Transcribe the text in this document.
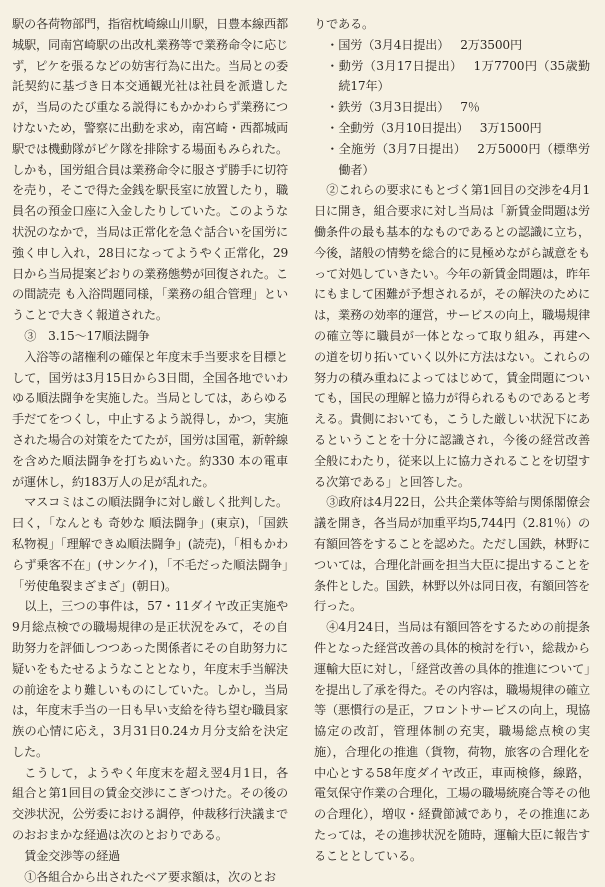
駅の各荷物部門，指宿枕崎線山川駅，日豊本線西都城駅，同南宮崎駅の出改札業務等で業務命令に応じず，ピケを張るなどの妨害行為に出た。当局との委託契約に基づき日本交通観光社は社員を派遣したが，当局のたび重なる説得にもかかわらず業務につけないため，警察に出動を求め，南宮崎・西都城両駅では機動隊がピケ隊を排除する場面もみられた。しかも，国労組合員は業務命令に服さず勝手に切符を売り，そこで得た金銭を駅長室に放置したり，職員名の預金口座に入金したりしていた。このような状況のなかで，当局は正常化を急ぐ話合いを国労に強く申し入れ，28日になってようやく正常化，29日から当局提案どおりの業務態勢が回復された。この間読売 も入浴問題同様，「業務の組合管理」ということで大きく報道された。

③　3.15～17順法闘争

入浴等の諸権利の確保と年度末手当要求を目標として，国労は3月15日から3日間，全国各地でいわゆる順法闘争を実施した。当局としては，あらゆる手だてをつくし，中止するよう説得し，かつ，実施された場合の対策をたてたが，国労は国電，新幹線を含めた順法闘争を打ちぬいた。約330 本の電車が運休し，約183万人の足が乱れた。

マスコミはこの順法闘争に対し厳しく批判した。曰く，「なんとも 奇妙な 順法闘争」(東京)，「国鉄私物視」「理解できぬ順法闘争」(読売)，「相もかわらず乗客不在」(サンケイ)，「不毛だった順法闘争」「労使亀裂まざまざ」(朝日)。

以上，三つの事件は，57・11ダイヤ改正実施や9月総点検での職場規律の是正状況をみて，その自助努力を評価しつつあった関係者にその自助努力に疑いをもたせるようなこととなり，年度末手当解決の前途をより難しいものにしていた。しかし，当局は，年度末手当の一日も早い支給を待ち望む職員家族の心情に応え，3月31日0.24カ月分支給を決定した。

こうして，ようやく年度末を超え翌4月1日，各組合と第1回目の賃金交渉にこぎつけた。その後の交渉状況，公労委における調停，仲裁移行決議までのおおまかな経過は次のとおりである。

賃金交渉等の経過

①各組合から出されたベア要求額は，次のとお

りである。

・国労（3月4日提出） 2万3500円
・動労（3月17日提出） 1万7700円（35歳勤続17年）
・鉄労（3月3日提出） 7％
・全動労（3月10日提出） 3万1500円
・全施労（3月7日提出） 2万5000円（標準労働者）

②これらの要求にもとづく第1回目の交渉を4月1日に開き，組合要求に対し当局は「新賃金問題は労働条件の最も基本的なものであるとの認識に立ち，今後，諸般の情勢を総合的に見極めながら誠意をもって対処していきたい。今年の新賃金問題は，昨年にもまして困難が予想されるが，その解決のためには，業務の効率的運営，サービスの向上，職場規律の確立等に職員が一体となって取り組み，再建への道を切り拓いていく以外に方法はない。これらの努力の積み重ねによってはじめて，賃金問題についても，国民の理解と協力が得られるものであると考える。貴側においても，こうした厳しい状況下にあるということを十分に認識され，今後の経営改善全般にわたり，従来以上に協力されることを切望する次第である」と回答した。

③政府は4月22日，公共企業体等給与関係閣僚会議を開き，各当局が加重平均5,744円（2.81％）の有額回答をすることを認めた。ただし国鉄，林野については，合理化計画を担当大臣に提出することを条件とした。国鉄，林野以外は同日夜，有額回答を行った。

④4月24日，当局は有額回答をするための前提条件となった経営改善の具体的検討を行い，総裁から運輸大臣に対し，「経営改善の具体的推進について」を提出し了承を得た。その内容は，職場規律の確立等（悪慣行の是正，フロントサービスの向上，現協協定の改訂，管理体制の充実，職場総点検の実施），合理化の推進（貨物，荷物，旅客の合理化を中心とする58年度ダイヤ改正，車両検修，線路，電気保守作業の合理化，工場の職場統廃合等その他の合理化），増収・経費節減であり，その推進にあたっては，その進捗状況を随時，運輸大臣に報告することとしている。
